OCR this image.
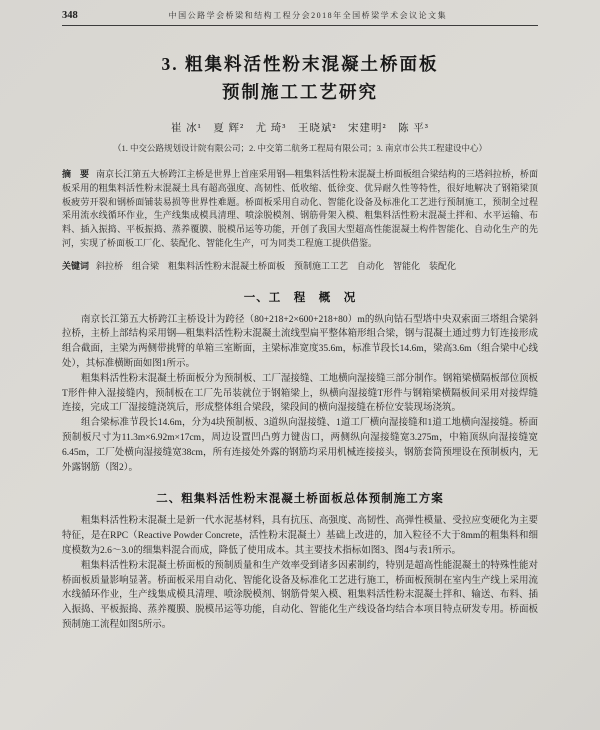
348	中国公路学会桥梁和结构工程分会2018年全国桥梁学术会议论文集
3. 粗集料活性粉末混凝土桥面板
预制施工工艺研究
崔 冰¹　夏 辉²　尤 琦³　王晓斌²　宋建明²　陈 平³
（1. 中交公路规划设计院有限公司；2. 中交第二航务工程局有限公司；3. 南京市公共工程建设中心）

摘　要 南京长江第五大桥跨江主桥是世界上首座采用钢—粗集料活性粉末混凝土桥面板组合梁结构的三塔斜拉桥，桥面板采用的粗集料活性粉末混凝土具有超高强度、高韧性、低收缩、低徐变、优异耐久性等特性，很好地解决了钢箱梁顶板疲劳开裂和钢桥面铺装易损等世界性难题。桥面板采用自动化、智能化设备及标准化工艺进行预制施工，预制全过程采用流水线循环作业，生产线集成模具清理、喷涂脱模剂、钢筋骨架入模、粗集料活性粉末混凝土拌和、水平运输、布料、插入振捣、平板振捣、蒸养覆膜、脱模吊运等功能，开创了我国大型超高性能混凝土构件智能化、自动化生产的先河，实现了桥面板工厂化、装配化、智能化生产，可为同类工程施工提供借鉴。

关键词 斜拉桥　组合梁　粗集料活性粉末混凝土桥面板　预制施工工艺　自动化　智能化　装配化

一、工　程　概　况

南京长江第五大桥跨江主桥设计为跨径（80+218+2×600+218+80）m的纵向钻石型塔中央双索面三塔组合梁斜拉桥，主桥上部结构采用钢—粗集料活性粉末混凝土流线型扁平整体箱形组合梁，钢与混凝土通过剪力钉连接形成组合截面，主梁为两侧带挑臂的单箱三室断面，主梁标准宽度35.6m，标准节段长14.6m，梁高3.6m（组合梁中心线处），其标准横断面如图1所示。

粗集料活性粉末混凝土桥面板分为预制板、工厂湿接缝、工地横向湿接缝三部分制作。钢箱梁横隔板部位顶板T形件伸入湿接缝内，预制板在工厂先吊装就位于钢箱梁上，纵横向湿接缝T形件与钢箱梁横隔板间采用对接焊缝连接，完成工厂湿接缝浇筑后，形成整体组合梁段，梁段间的横向湿接缝在桥位安装现场浇筑。

组合梁标准节段长14.6m，分为4块预制板、3道纵向湿接缝、1道工厂横向湿接缝和1道工地横向湿接缝。桥面预制板尺寸为11.3m×6.92m×17cm，周边设置凹凸剪力键齿口，两侧纵向湿接缝宽3.275m，中箱顶纵向湿接缝宽6.45m，工厂处横向湿接缝宽38cm，所有连接处外露的钢筋均采用机械连接接头，钢筋套筒预埋设在预制板内，无外露钢筋（图2）。

二、粗集料活性粉末混凝土桥面板总体预制施工方案

粗集料活性粉末混凝土是新一代水泥基材料，具有抗压、高强度、高韧性、高弹性模量、受拉应变硬化为主要特征，是在RPC（Reactive Powder Concrete，活性粉末混凝土）基础上改进的，加入粒径不大于8mm的粗集料和细度模数为2.6～3.0的细集料混合而成，降低了使用成本。其主要技术指标如图3、图4与表1所示。

粗集料活性粉末混凝土桥面板的预制质量和生产效率受到诸多因素制约，特别是超高性能混凝土的特殊性能对桥面板质量影响显著。桥面板采用自动化、智能化设备及标准化工艺进行施工，桥面板预制在室内生产线上采用流水线循环作业，生产线集成模具清理、喷涂脱模剂、钢筋骨架入模、粗集料活性粉末混凝土拌和、输送、布料、插入振捣、平板振捣、蒸养覆膜、脱模吊运等功能，自动化、智能化生产线设备均结合本项目特点研发专用。桥面板预制施工流程如图5所示。
